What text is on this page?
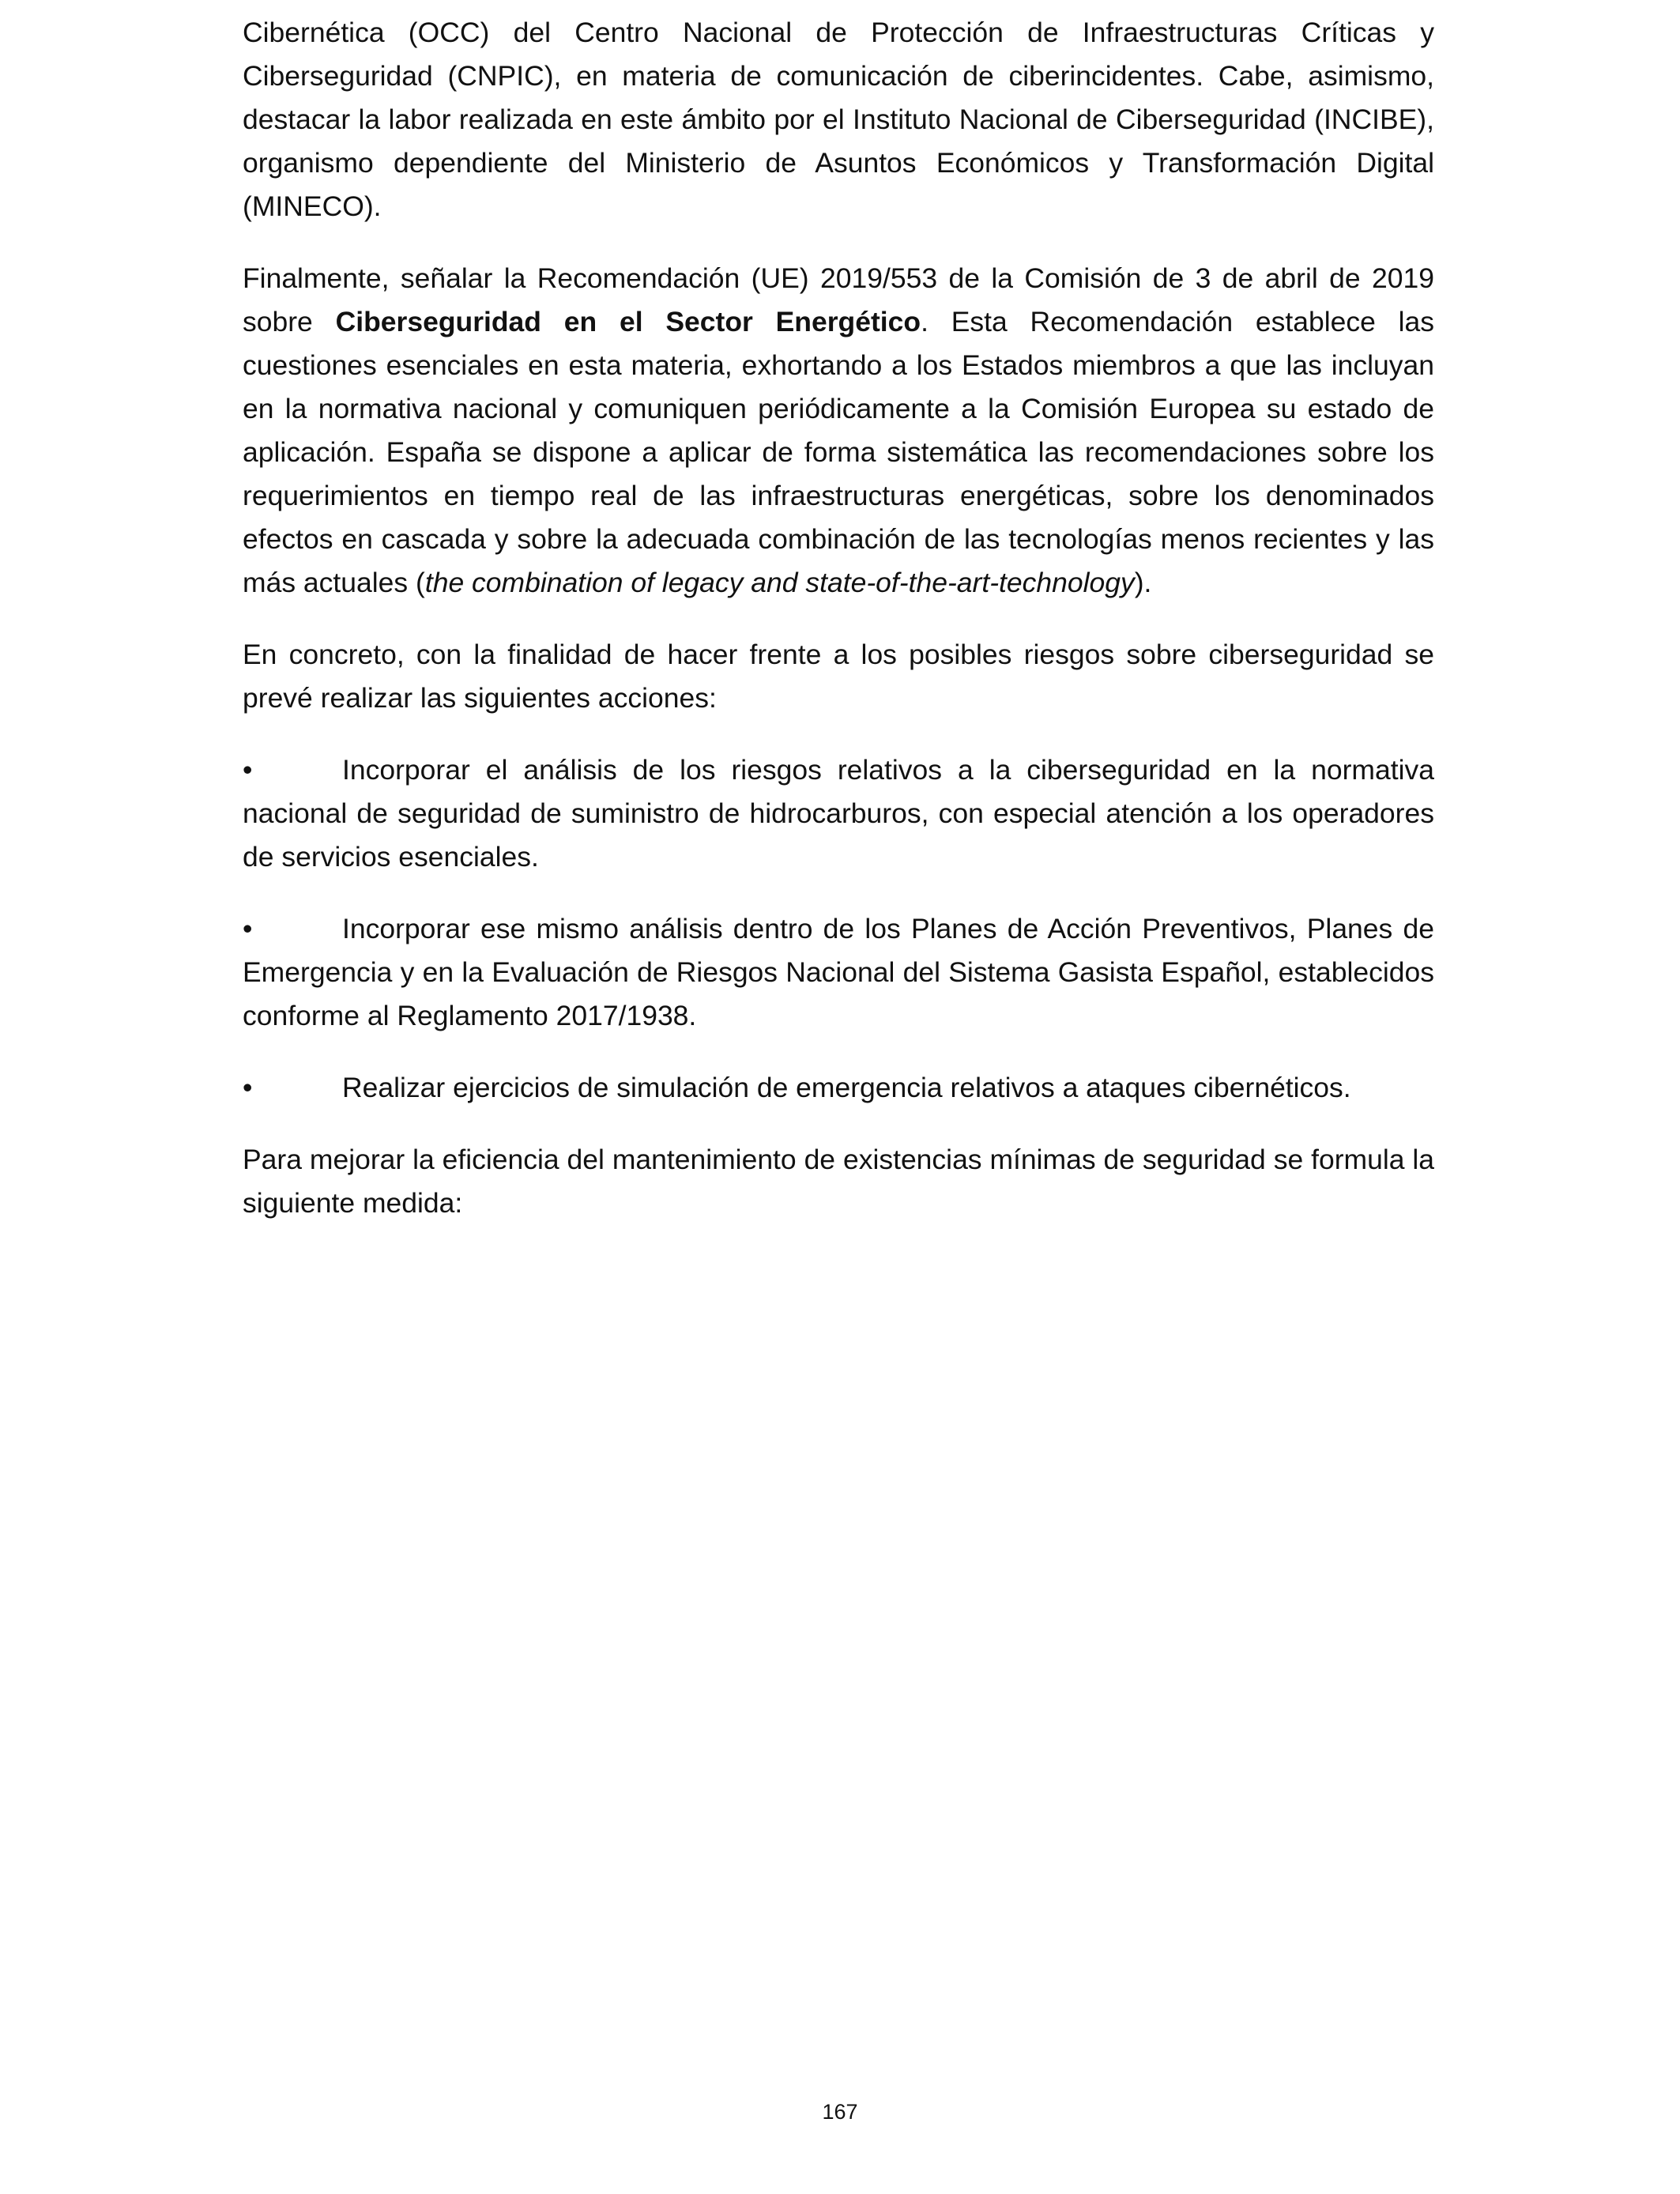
Cibernética (OCC) del Centro Nacional de Protección de Infraestructuras Críticas y Ciberseguridad (CNPIC), en materia de comunicación de ciberincidentes. Cabe, asimismo, destacar la labor realizada en este ámbito por el Instituto Nacional de Ciberseguridad (INCIBE), organismo dependiente del Ministerio de Asuntos Económicos y Transformación Digital (MINECO).

Finalmente, señalar la Recomendación (UE) 2019/553 de la Comisión de 3 de abril de 2019 sobre Ciberseguridad en el Sector Energético. Esta Recomendación establece las cuestiones esenciales en esta materia, exhortando a los Estados miembros a que las incluyan en la normativa nacional y comuniquen periódicamente a la Comisión Europea su estado de aplicación. España se dispone a aplicar de forma sistemática las recomendaciones sobre los requerimientos en tiempo real de las infraestructuras energéticas, sobre los denominados efectos en cascada y sobre la adecuada combinación de las tecnologías menos recientes y las más actuales (the combination of legacy and state-of-the-art-technology).

En concreto, con la finalidad de hacer frente a los posibles riesgos sobre ciberseguridad se prevé realizar las siguientes acciones:

•	Incorporar el análisis de los riesgos relativos a la ciberseguridad en la normativa nacional de seguridad de suministro de hidrocarburos, con especial atención a los operadores de servicios esenciales.

•	Incorporar ese mismo análisis dentro de los Planes de Acción Preventivos, Planes de Emergencia y en la Evaluación de Riesgos Nacional del Sistema Gasista Español, establecidos conforme al Reglamento 2017/1938.

•	Realizar ejercicios de simulación de emergencia relativos a ataques cibernéticos.

Para mejorar la eficiencia del mantenimiento de existencias mínimas de seguridad se formula la siguiente medida:

167
